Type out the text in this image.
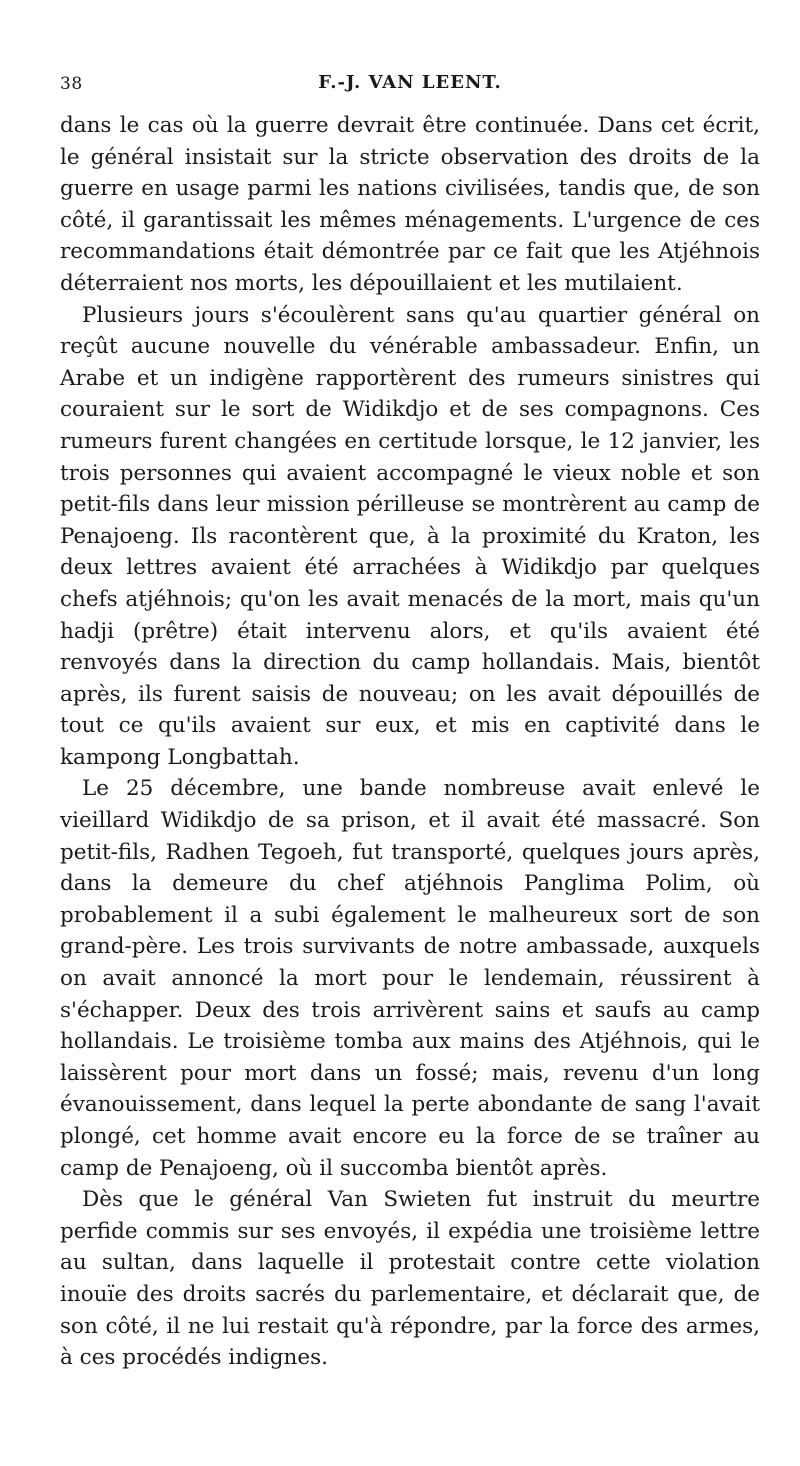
38	F.-J. VAN LEENT.

dans le cas où la guerre devrait être continuée. Dans cet écrit, le général insistait sur la stricte observation des droits de la guerre en usage parmi les nations civilisées, tandis que, de son côté, il garantissait les mêmes ménagements. L'urgence de ces recommandations était démontrée par ce fait que les Atjéhnois déterraient nos morts, les dépouillaient et les mutilaient.

Plusieurs jours s'écoulèrent sans qu'au quartier général on reçût aucune nouvelle du vénérable ambassadeur. Enfin, un Arabe et un indigène rapportèrent des rumeurs sinistres qui couraient sur le sort de Widikdjo et de ses compagnons. Ces rumeurs furent changées en certitude lorsque, le 12 janvier, les trois personnes qui avaient accompagné le vieux noble et son petit-fils dans leur mission périlleuse se montrèrent au camp de Penajoeng. Ils racontèrent que, à la proximité du Kraton, les deux lettres avaient été arrachées à Widikdjo par quelques chefs atjéhnois; qu'on les avait menacés de la mort, mais qu'un hadji (prêtre) était intervenu alors, et qu'ils avaient été renvoyés dans la direction du camp hollandais. Mais, bientôt après, ils furent saisis de nouveau; on les avait dépouillés de tout ce qu'ils avaient sur eux, et mis en captivité dans le kampong Longbattah.

Le 25 décembre, une bande nombreuse avait enlevé le vieillard Widikdjo de sa prison, et il avait été massacré. Son petit-fils, Radhen Tegoeh, fut transporté, quelques jours après, dans la demeure du chef atjéhnois Panglima Polim, où probablement il a subi également le malheureux sort de son grand-père. Les trois survivants de notre ambassade, auxquels on avait annoncé la mort pour le lendemain, réussirent à s'échapper. Deux des trois arrivèrent sains et saufs au camp hollandais. Le troisième tomba aux mains des Atjéhnois, qui le laissèrent pour mort dans un fossé; mais, revenu d'un long évanouissement, dans lequel la perte abondante de sang l'avait plongé, cet homme avait encore eu la force de se traîner au camp de Penajoeng, où il succomba bientôt après.

Dès que le général Van Swieten fut instruit du meurtre perfide commis sur ses envoyés, il expédia une troisième lettre au sultan, dans laquelle il protestait contre cette violation inouïe des droits sacrés du parlementaire, et déclarait que, de son côté, il ne lui restait qu'à répondre, par la force des armes, à ces procédés indignes.
